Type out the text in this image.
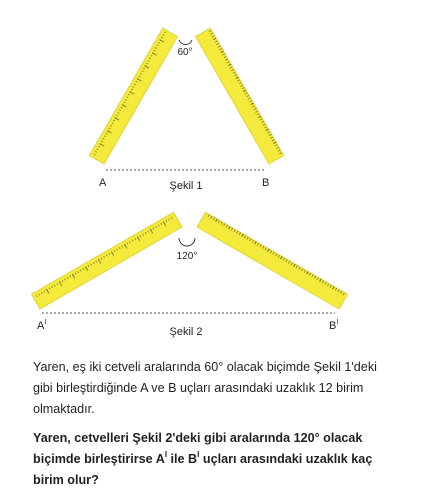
60°
A	B
Şekil 1
120°
$A^I$	$B^I$
Şekil 2
Yaren, eş iki cetveli aralarında 60° olacak biçimde Şekil 1'deki gibi birleştirdiğinde A ve B uçları arasındaki uzaklık 12 birim olmaktadır.
Yaren, cetvelleri Şekil 2'deki gibi aralarında 120° olacak biçimde birleştirirse $A^I$ ile $B^I$ uçları arasındaki uzaklık kaç birim olur?
